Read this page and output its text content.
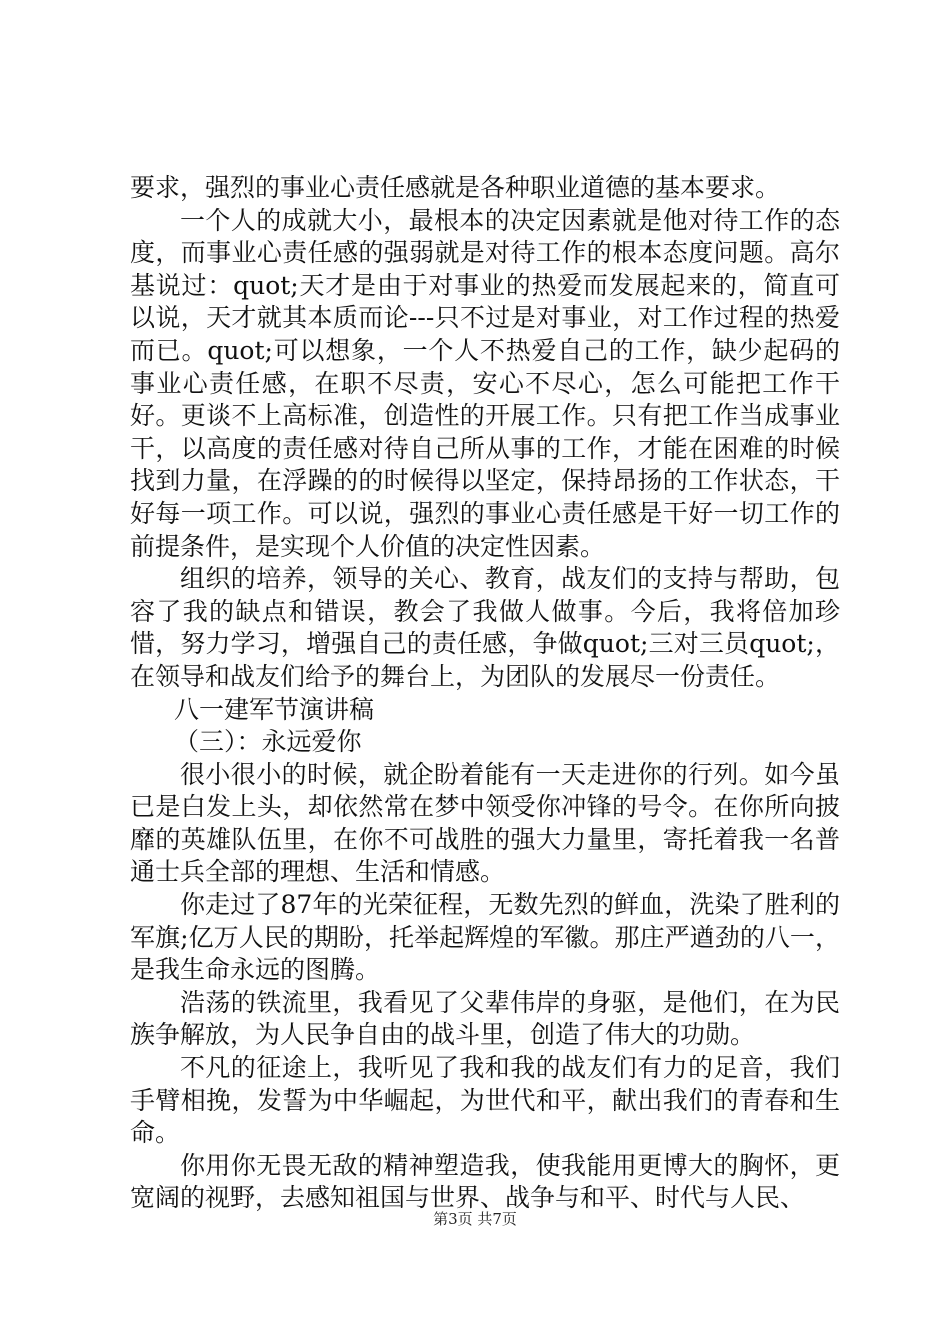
要求，强烈的事业心责任感就是各种职业道德的基本要求。

一个人的成就大小，最根本的决定因素就是他对待工作的态度，而事业心责任感的强弱就是对待工作的根本态度问题。高尔基说过：quot;天才是由于对事业的热爱而发展起来的，简直可以说，天才就其本质而论---只不过是对事业，对工作过程的热爱而已。quot;可以想象，一个人不热爱自己的工作，缺少起码的事业心责任感，在职不尽责，安心不尽心，怎么可能把工作干好。更谈不上高标准，创造性的开展工作。只有把工作当成事业干，以高度的责任感对待自己所从事的工作，才能在困难的时候找到力量，在浮躁的的时候得以坚定，保持昂扬的工作状态，干好每一项工作。可以说，强烈的事业心责任感是干好一切工作的前提条件，是实现个人价值的决定性因素。

组织的培养，领导的关心、教育，战友们的支持与帮助，包容了我的缺点和错误，教会了我做人做事。今后，我将倍加珍惜，努力学习，增强自己的责任感，争做quot;三对三员quot;，在领导和战友们给予的舞台上，为团队的发展尽一份责任。

八一建军节演讲稿

（三）：永远爱你

很小很小的时候，就企盼着能有一天走进你的行列。如今虽已是白发上头，却依然常在梦中领受你冲锋的号令。在你所向披靡的英雄队伍里，在你不可战胜的强大力量里，寄托着我一名普通士兵全部的理想、生活和情感。

你走过了87年的光荣征程，无数先烈的鲜血，洗染了胜利的军旗;亿万人民的期盼，托举起辉煌的军徽。那庄严遒劲的八一，是我生命永远的图腾。

浩荡的铁流里，我看见了父辈伟岸的身驱，是他们，在为民族争解放，为人民争自由的战斗里，创造了伟大的功勋。

不凡的征途上，我听见了我和我的战友们有力的足音，我们手臂相挽，发誓为中华崛起，为世代和平，献出我们的青春和生命。

你用你无畏无敌的精神塑造我，使我能用更博大的胸怀，更宽阔的视野，去感知祖国与世界、战争与和平、时代与人民、

第3页 共7页
